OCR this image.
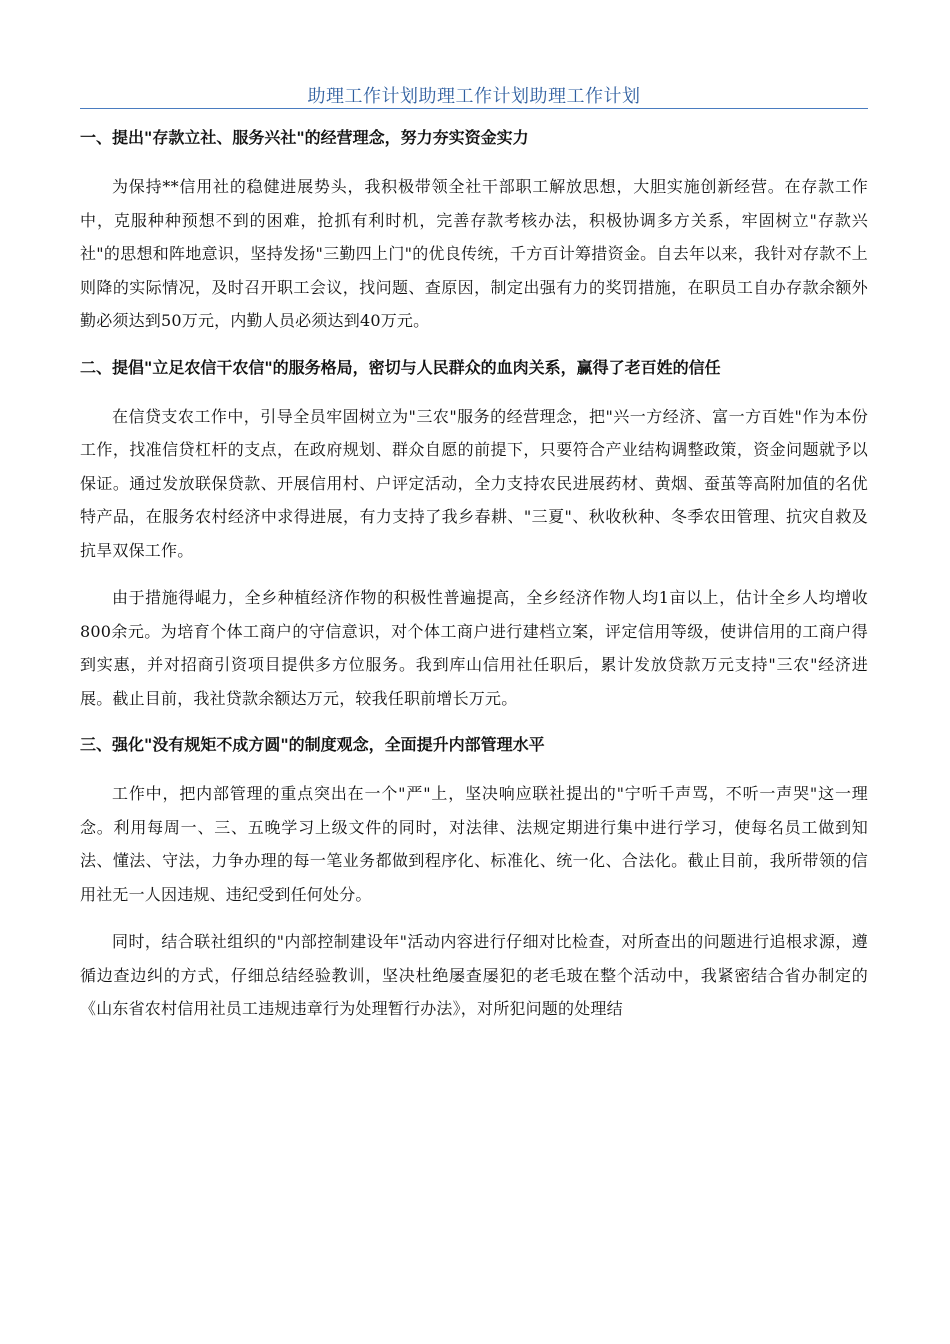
助理工作计划助理工作计划助理工作计划
一、提出"存款立社、服务兴社"的经营理念，努力夯实资金实力

为保持**信用社的稳健进展势头，我积极带领全社干部职工解放思想，大胆实施创新经营。在存款工作中，克服种种预想不到的困难，抢抓有利时机，完善存款考核办法，积极协调多方关系，牢固树立"存款兴社"的思想和阵地意识，坚持发扬"三勤四上门"的优良传统，千方百计筹措资金。自去年以来，我针对存款不上则降的实际情况，及时召开职工会议，找问题、查原因，制定出强有力的奖罚措施，在职员工自办存款余额外勤必须达到50万元，内勤人员必须达到40万元。

二、提倡"立足农信干农信"的服务格局，密切与人民群众的血肉关系，赢得了老百姓的信任

在信贷支农工作中，引导全员牢固树立为"三农"服务的经营理念，把"兴一方经济、富一方百姓"作为本份工作，找准信贷杠杆的支点，在政府规划、群众自愿的前提下，只要符合产业结构调整政策，资金问题就予以保证。通过发放联保贷款、开展信用村、户评定活动，全力支持农民进展药材、黄烟、蚕茧等高附加值的名优特产品，在服务农村经济中求得进展，有力支持了我乡春耕、"三夏"、秋收秋种、冬季农田管理、抗灾自救及抗旱双保工作。

由于措施得崐力，全乡种植经济作物的积极性普遍提高，全乡经济作物人均1亩以上，估计全乡人均增收800余元。为培育个体工商户的守信意识，对个体工商户进行建档立案，评定信用等级，使讲信用的工商户得到实惠，并对招商引资项目提供多方位服务。我到库山信用社任职后，累计发放贷款万元支持"三农"经济进展。截止目前，我社贷款余额达万元，较我任职前增长万元。

三、强化"没有规矩不成方圆"的制度观念，全面提升内部管理水平

工作中，把内部管理的重点突出在一个"严"上，坚决响应联社提出的"宁听千声骂，不听一声哭"这一理念。利用每周一、三、五晚学习上级文件的同时，对法律、法规定期进行集中进行学习，使每名员工做到知法、懂法、守法，力争办理的每一笔业务都做到程序化、标准化、统一化、合法化。截止目前，我所带领的信用社无一人因违规、违纪受到任何处分。

同时，结合联社组织的"内部控制建设年"活动内容进行仔细对比检查，对所查出的问题进行追根求源，遵循边查边纠的方式，仔细总结经验教训，坚决杜绝屡查屡犯的老毛玻在整个活动中，我紧密结合省办制定的《山东省农村信用社员工违规违章行为处理暂行办法》，对所犯问题的处理结
